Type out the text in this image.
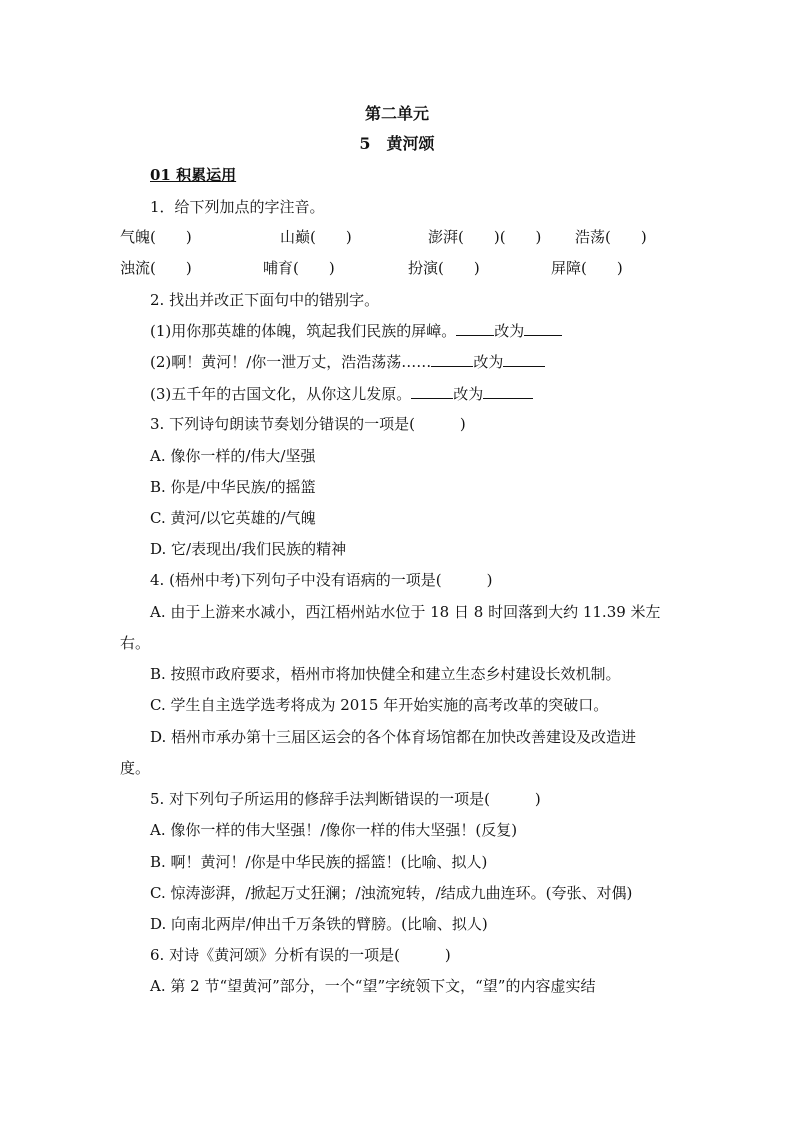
第二单元
5　黄河颂
01 积累运用
1．给下列加点的字注音。
气魄(　　)	山巅(　　)	澎湃(　　)(　　) 浩荡(　　)
浊流(　　)	哺育(　　)	扮演(　　)	屏障(　　)
2. 找出并改正下面句中的错别字。
(1)用你那英雄的体魄，筑起我们民族的屏嶂。	改为
(2)啊！黄河！/你一泄万丈，浩浩荡荡……	改为
(3)五千年的古国文化，从你这儿发原。	改为
3. 下列诗句朗读节奏划分错误的一项是(　　　)
A. 像你一样的/伟大/坚强
B. 你是/中华民族/的摇篮
C. 黄河/以它英雄的/气魄
D. 它/表现出/我们民族的精神
4. (梧州中考)下列句子中没有语病的一项是(　　　)
A. 由于上游来水减小，西江梧州站水位于 18 日 8 时回落到大约 11.39 米左
右。
B. 按照市政府要求，梧州市将加快健全和建立生态乡村建设长效机制。
C. 学生自主选学选考将成为 2015 年开始实施的高考改革的突破口。
D. 梧州市承办第十三届区运会的各个体育场馆都在加快改善建设及改造进
度。
5. 对下列句子所运用的修辞手法判断错误的一项是(　　　)
A. 像你一样的伟大坚强！/像你一样的伟大坚强！(反复)
B. 啊！黄河！/你是中华民族的摇篮！(比喻、拟人)
C. 惊涛澎湃，/掀起万丈狂澜；/浊流宛转，/结成九曲连环。(夸张、对偶)
D. 向南北两岸/伸出千万条铁的臂膀。(比喻、拟人)
6. 对诗《黄河颂》分析有误的一项是(　　　)
A. 第 2 节“望黄河”部分，一个“望”字统领下文，“望”的内容虚实结
